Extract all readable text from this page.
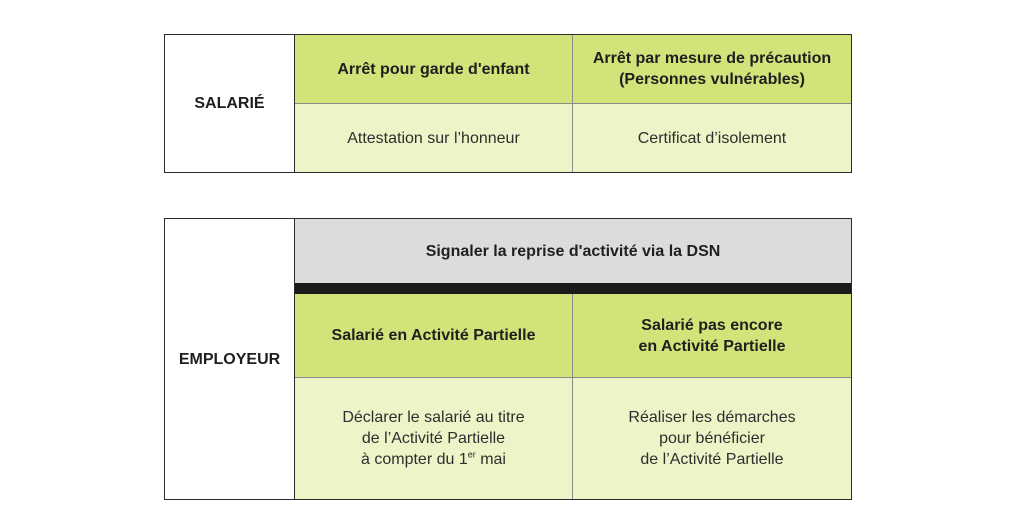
SALARIÉ
Arrêt pour garde d'enfant
Arrêt par mesure de précaution
(Personnes vulnérables)
Attestation sur l’honneur	Certificat d’isolement
EMPLOYEUR
Signaler la reprise d'activité via la DSN
Salarié en Activité Partielle
Salarié pas encore
en Activité Partielle
Déclarer le salarié au titre
de l’Activité Partielle
à compter du 1er mai
Réaliser les démarches
pour bénéficier
de l’Activité Partielle
